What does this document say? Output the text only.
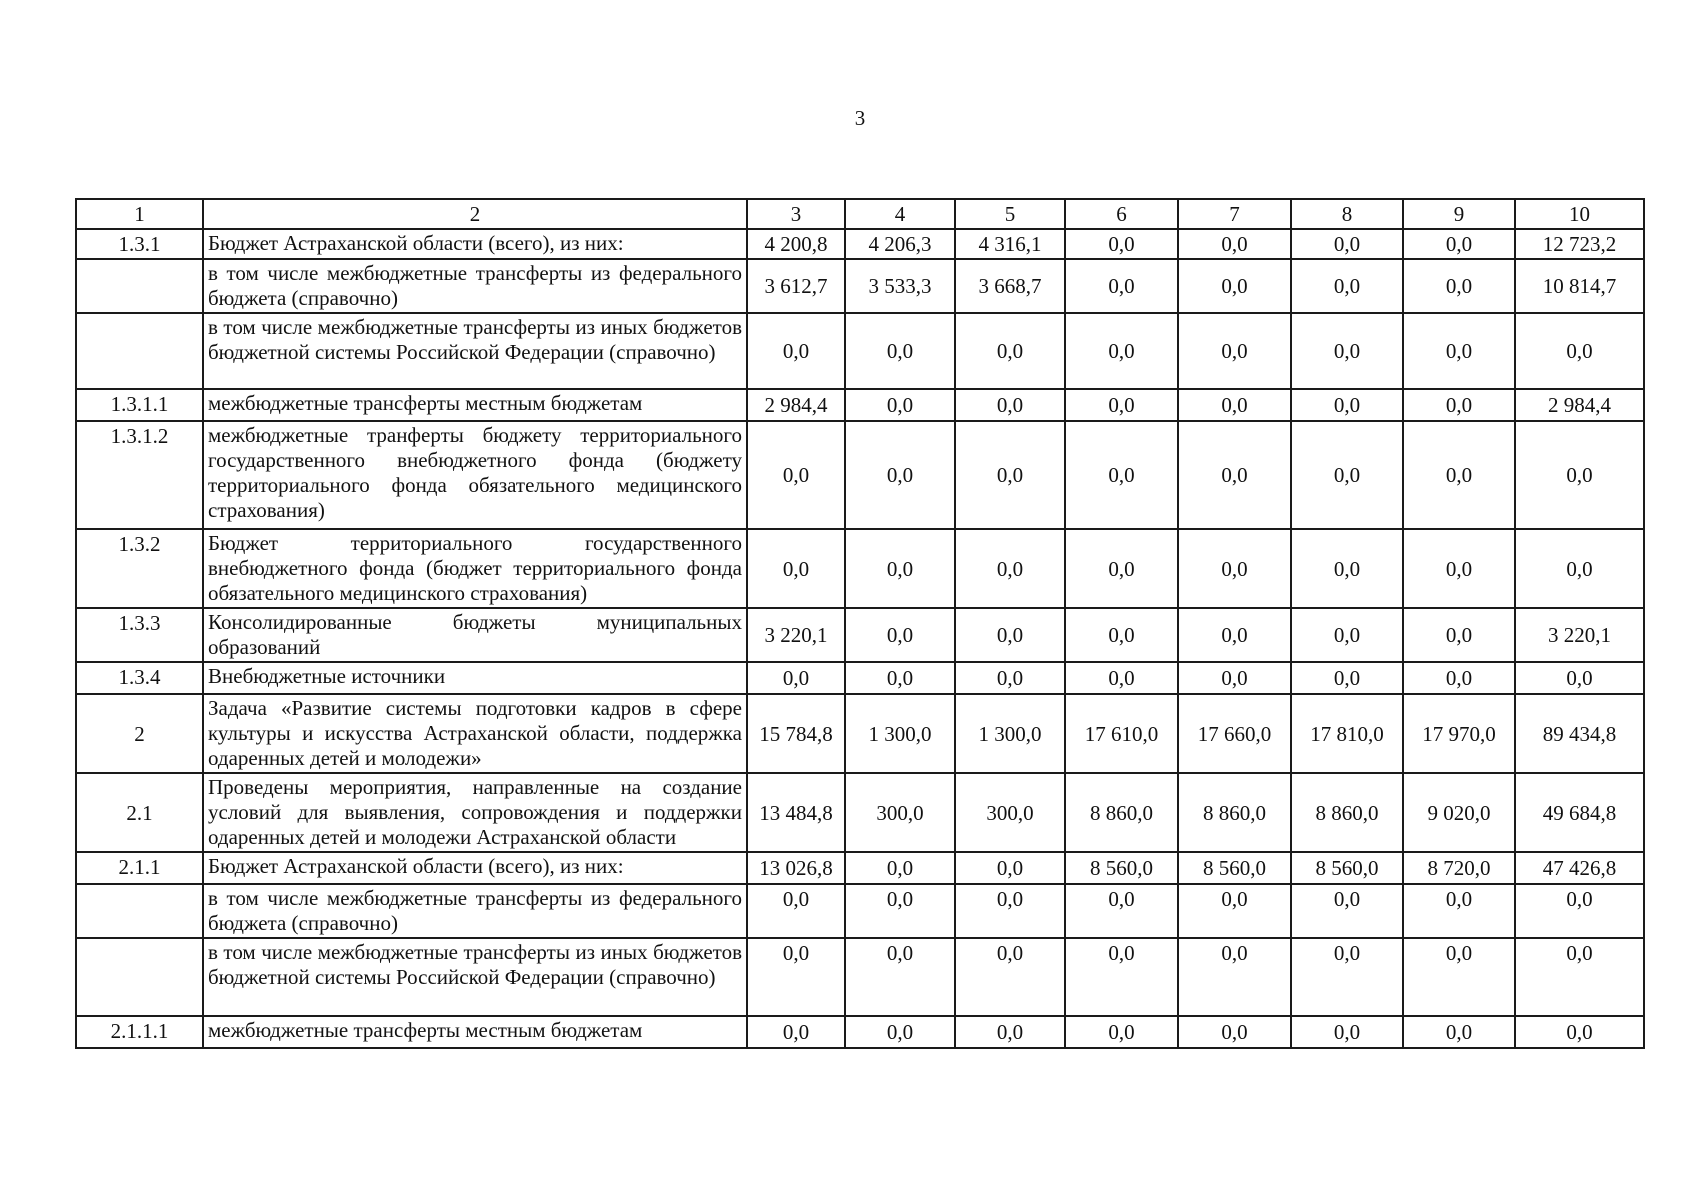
3
1	2	3	4	5	6	7	8	9	10
1.3.1	Бюджет Астраханской области (всего), из них:	4 200,8	4 206,3	4 316,1	0,0	0,0	0,0	0,0	12 723,2
	в том числе межбюджетные трансферты из федерального бюджета (справочно)	3 612,7	3 533,3	3 668,7	0,0	0,0	0,0	0,0	10 814,7
	в том числе межбюджетные трансферты из иных бюджетов бюджетной системы Российской Федерации (справочно)	0,0	0,0	0,0	0,0	0,0	0,0	0,0	0,0
1.3.1.1	межбюджетные трансферты местным бюджетам	2 984,4	0,0	0,0	0,0	0,0	0,0	0,0	2 984,4
1.3.1.2	межбюджетные транферты бюджету территориального государственного внебюджетного фонда (бюджету территориального фонда обязательного медицинского страхования)	0,0	0,0	0,0	0,0	0,0	0,0	0,0	0,0
1.3.2	Бюджет территориального государственного внебюджетного фонда (бюджет территориального фонда обязательного медицинского страхования)	0,0	0,0	0,0	0,0	0,0	0,0	0,0	0,0
1.3.3	Консолидированные бюджеты муниципальных образований	3 220,1	0,0	0,0	0,0	0,0	0,0	0,0	3 220,1
1.3.4	Внебюджетные источники	0,0	0,0	0,0	0,0	0,0	0,0	0,0	0,0
2	Задача «Развитие системы подготовки кадров в сфере культуры и искусства Астраханской области, поддержка одаренных детей и молодежи»	15 784,8	1 300,0	1 300,0	17 610,0	17 660,0	17 810,0	17 970,0	89 434,8
2.1	Проведены мероприятия, направленные на создание условий для выявления, сопровождения и поддержки одаренных детей и молодежи Астраханской области	13 484,8	300,0	300,0	8 860,0	8 860,0	8 860,0	9 020,0	49 684,8
2.1.1	Бюджет Астраханской области (всего), из них:	13 026,8	0,0	0,0	8 560,0	8 560,0	8 560,0	8 720,0	47 426,8
	в том числе межбюджетные трансферты из федерального бюджета (справочно)	0,0	0,0	0,0	0,0	0,0	0,0	0,0	0,0
	в том числе межбюджетные трансферты из иных бюджетов бюджетной системы Российской Федерации (справочно)	0,0	0,0	0,0	0,0	0,0	0,0	0,0	0,0
2.1.1.1	межбюджетные трансферты местным бюджетам	0,0	0,0	0,0	0,0	0,0	0,0	0,0	0,0
